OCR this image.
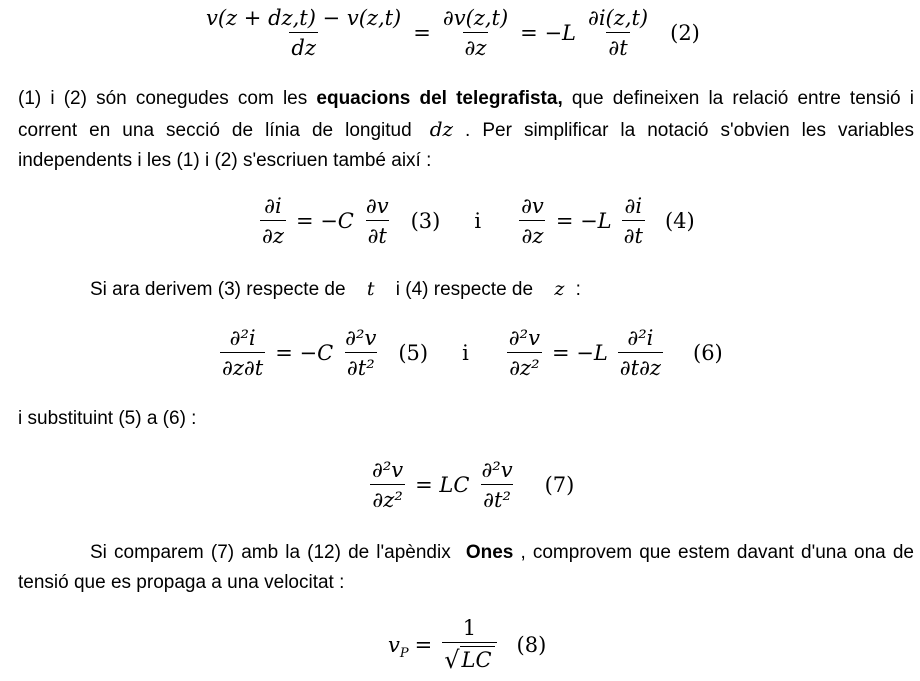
$\frac{v(z + dz,t) - v(z,t)}{dz} = \frac{\partial v(z,t)}{\partial z} = -L \frac{\partial i(z,t)}{\partial t} (2)$
(1) i (2) són conegudes com les equacions del telegrafista, que defineixen la relació entre tensió i corrent en una secció de línia de longitud dz . Per simplificar la notació s'obvien les variables independents i les (1) i (2) s'escriuen també així :
$\frac{\partial i}{\partial z} = -C \frac{\partial v}{\partial t} (3)$ i $\frac{\partial v}{\partial z} = -L \frac{\partial i}{\partial t} (4)$
Si ara derivem (3) respecte de t i (4) respecte de z :
$\frac{\text{∂²i}}{\partial z\partial t} = -C \frac{\text{∂²v}}{\text{∂t²}} (5)$ i $\frac{\text{∂²v}}{\text{∂z²}} = -L \frac{\text{∂²i}}{\partial t\partial z} (6)$
i substituint (5) a (6) :
$\frac{\text{∂²v}}{\text{∂z²}}$ = LC $\frac{\text{∂²v}}{\text{∂t²}} (7)$
Si comparem (7) amb la (12) de l'apèndix Ones , comprovem que estem davant d'una ona de tensió que es propaga a una velocitat :
$v_P = \frac{1}{√ LC} (8)$
